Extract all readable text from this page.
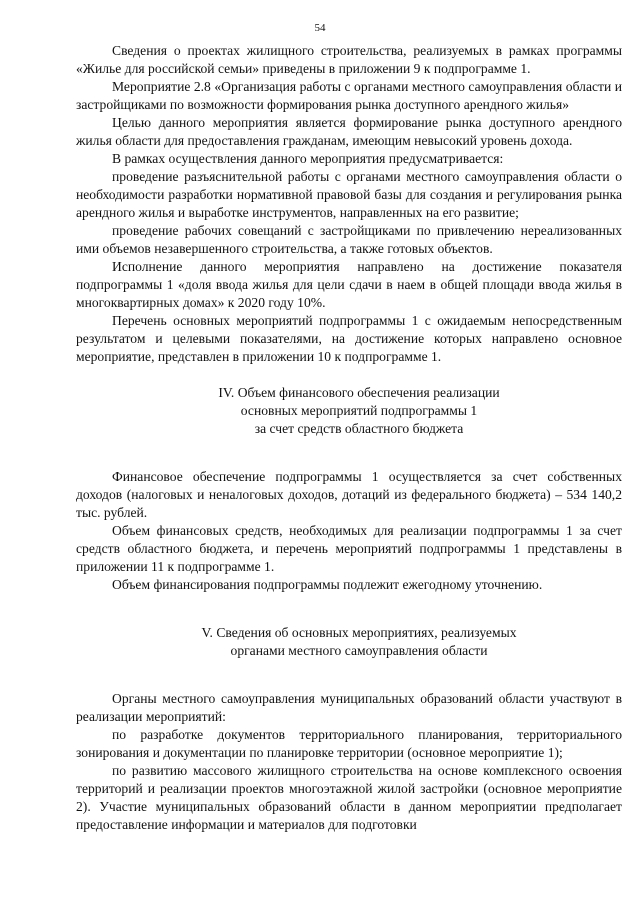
54

Сведения о проектах жилищного строительства, реализуемых в рамках программы «Жилье для российской семьи» приведены в приложении 9 к подпрограмме 1.

Мероприятие 2.8 «Организация работы с органами местного самоуправления области и застройщиками по возможности формирования рынка доступного арендного жилья»

Целью данного мероприятия является формирование рынка доступного арендного жилья области для предоставления гражданам, имеющим невысокий уровень дохода.

В рамках осуществления данного мероприятия предусматривается:

проведение разъяснительной работы с органами местного самоуправления области о необходимости разработки нормативной правовой базы для создания и регулирования рынка арендного жилья и выработке инструментов, направленных на его развитие;

проведение рабочих совещаний с застройщиками по привлечению нереализованных ими объемов незавершенного строительства, а также готовых объектов.

Исполнение данного мероприятия направлено на достижение показателя подпрограммы 1 «доля ввода жилья для цели сдачи в наем в общей площади ввода жилья в многоквартирных домах» к 2020 году 10%.

Перечень основных мероприятий подпрограммы 1 с ожидаемым непосредственным результатом и целевыми показателями, на достижение которых направлено основное мероприятие, представлен в приложении 10 к подпрограмме 1.

IV. Объем финансового обеспечения реализации
основных мероприятий подпрограммы 1
за счет средств областного бюджета

Финансовое обеспечение подпрограммы 1 осуществляется за счет собственных доходов (налоговых и неналоговых доходов, дотаций из федерального бюджета) – 534 140,2 тыс. рублей.

Объем финансовых средств, необходимых для реализации подпрограммы 1 за счет средств областного бюджета, и перечень мероприятий подпрограммы 1 представлены в приложении 11 к подпрограмме 1.

Объем финансирования подпрограммы подлежит ежегодному уточнению.

V. Сведения об основных мероприятиях, реализуемых
органами местного самоуправления области

Органы местного самоуправления муниципальных образований области участвуют в реализации мероприятий:

по разработке документов территориального планирования, территориального зонирования и документации по планировке территории (основное мероприятие 1);

по развитию массового жилищного строительства на основе комплексного освоения территорий и реализации проектов многоэтажной жилой застройки (основное мероприятие 2). Участие муниципальных образований области в данном мероприятии предполагает предоставление информации и материалов для подготовки
